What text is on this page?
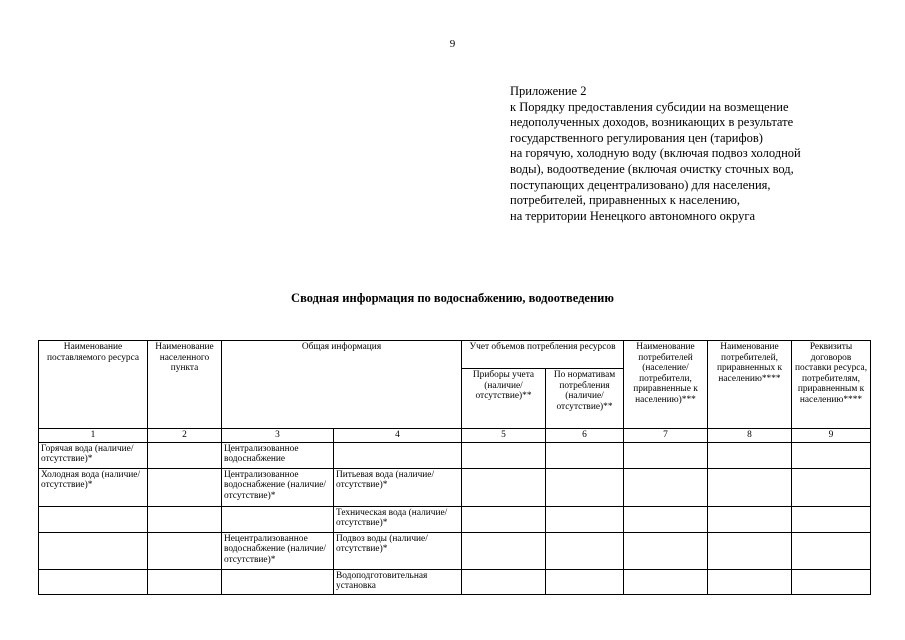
9
Приложение 2
к Порядку предоставления субсидии на возмещение
недополученных доходов, возникающих в результате
государственного регулирования цен (тарифов)
на горячую, холодную воду (включая подвоз холодной
воды), водоотведение (включая очистку сточных вод,
поступающих децентрализовано) для населения,
потребителей, приравненных к населению,
на территории Ненецкого автономного округа
Сводная информация по водоснабжению, водоотведению
Наименование поставляемого ресурса	Наименование населенного пункта	Общая информация		Учет объемов потребления ресурсов		Наименование потребителей (население/ потребители, приравненные к населению)***	Наименование потребителей, приравненных к населению****	Реквизиты договоров поставки ресурса, потребителям, приравненным к населению****
				Приборы учета (наличие/ отсутствие)**	По нормативам потребления (наличие/ отсутствие)**			
1	2	3	4	5	6	7	8	9
Горячая вода (наличие/отсутствие)*		Централизованное водоснабжение						
Холодная вода (наличие/отсутствие)*		Централизованное водоснабжение (наличие/отсутствие)*	Питьевая вода (наличие/отсутствие)*					
			Техническая вода (наличие/отсутствие)*					
		Нецентрализованное водоснабжение (наличие/отсутствие)*	Подвоз воды (наличие/отсутствие)*					
			Водоподготовительная установка					
